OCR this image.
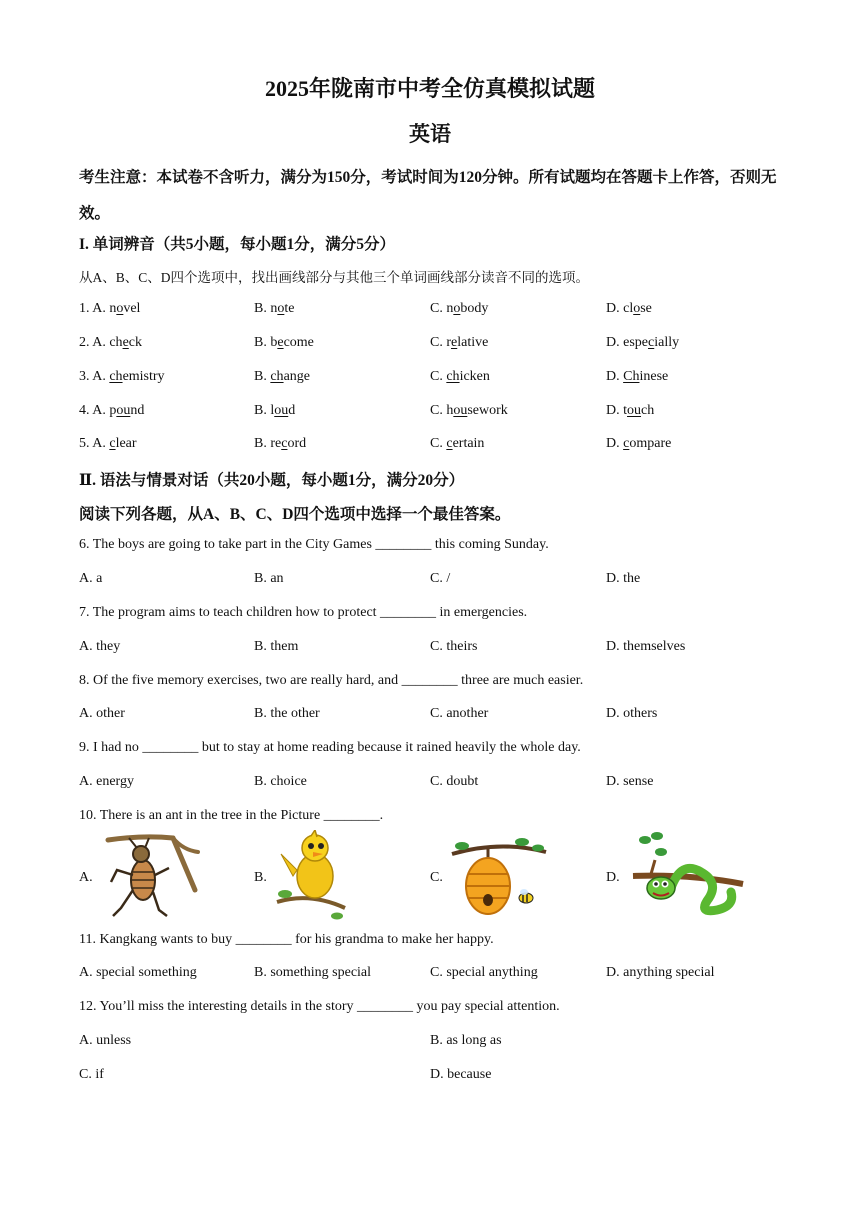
2025年陇南市中考全仿真模拟试题
英语
考生注意：本试卷不含听力，满分为150分，考试时间为120分钟。所有试题均在答题卡上作答，否则无效。
I. 单词辨音（共5小题，每小题1分，满分5分）
从A、B、C、D四个选项中，找出画线部分与其他三个单词画线部分读音不同的选项。
1. A. novel	B. note	C. nobody	D. close
2. A. check	B. become	C. relative	D. especially
3. A. chemistry	B. change	C. chicken	D. Chinese
4. A. pound	B. loud	C. housework	D. touch
5. A. clear	B. record	C. certain	D. compare
Ⅱ. 语法与情景对话（共20小题，每小题1分，满分20分）
阅读下列各题，从A、B、C、D四个选项中选择一个最佳答案。
6. The boys are going to take part in the City Games ________ this coming Sunday.
A. a	B. an	C. /	D. the
7. The program aims to teach children how to protect ________ in emergencies.
A. they	B. them	C. theirs	D. themselves
8. Of the five memory exercises, two are really hard, and ________ three are much easier.
A. other	B. the other	C. another	D. others
9. I had no ________ but to stay at home reading because it rained heavily the whole day.
A. energy	B. choice	C. doubt	D. sense
10. There is an ant in the tree in the Picture ________.
A.	B.	C.	D.
11. Kangkang wants to buy ________ for his grandma to make her happy.
A. special something	B. something special	C. special anything	D. anything special
12. You’ll miss the interesting details in the story ________ you pay special attention.
A. unless	B. as long as
C. if	D. because
